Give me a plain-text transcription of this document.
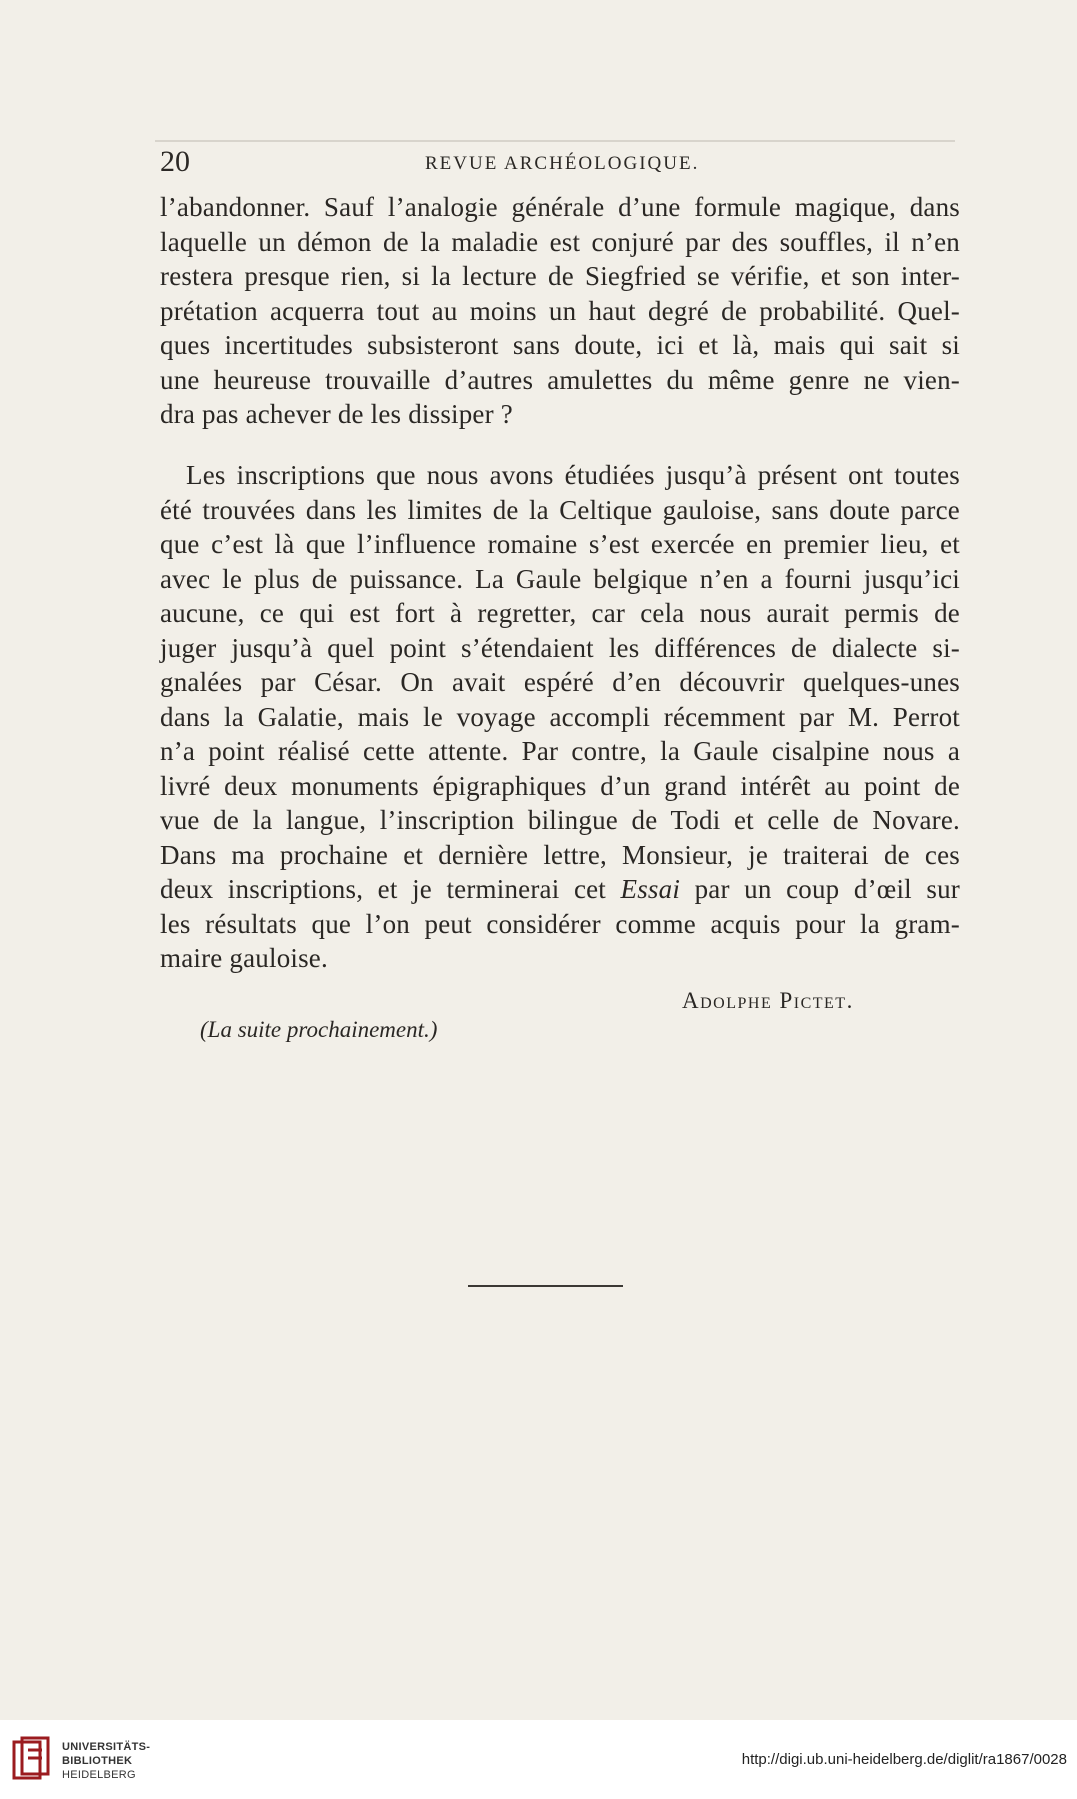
20	REVUE ARCHÉOLOGIQUE.
l’abandonner. Sauf l’analogie générale d’une formule magique, dans
laquelle un démon de la maladie est conjuré par des souffles, il n’en
restera presque rien, si la lecture de Siegfried se vérifie, et son inter-
prétation acquerra tout au moins un haut degré de probabilité. Quel-
ques incertitudes subsisteront sans doute, ici et là, mais qui sait si
une heureuse trouvaille d’autres amulettes du même genre ne vien-
dra pas achever de les dissiper ?
Les inscriptions que nous avons étudiées jusqu’à présent ont toutes
été trouvées dans les limites de la Celtique gauloise, sans doute parce
que c’est là que l’influence romaine s’est exercée en premier lieu, et
avec le plus de puissance. La Gaule belgique n’en a fourni jusqu’ici
aucune, ce qui est fort à regretter, car cela nous aurait permis de
juger jusqu’à quel point s’étendaient les différences de dialecte si-
gnalées par César. On avait espéré d’en découvrir quelques-unes
dans la Galatie, mais le voyage accompli récemment par M. Perrot
n’a point réalisé cette attente. Par contre, la Gaule cisalpine nous a
livré deux monuments épigraphiques d’un grand intérêt au point de
vue de la langue, l’inscription bilingue de Todi et celle de Novare.
Dans ma prochaine et dernière lettre, Monsieur, je traiterai de ces
deux inscriptions, et je terminerai cet Essai par un coup d’œil sur
les résultats que l’on peut considérer comme acquis pour la gram-
maire gauloise.
Adolphe Pictet.
(La suite prochainement.)
UNIVERSITÄTS-
BIBLIOTHEK
HEIDELBERG
http://digi.ub.uni-heidelberg.de/diglit/ra1867/0028
